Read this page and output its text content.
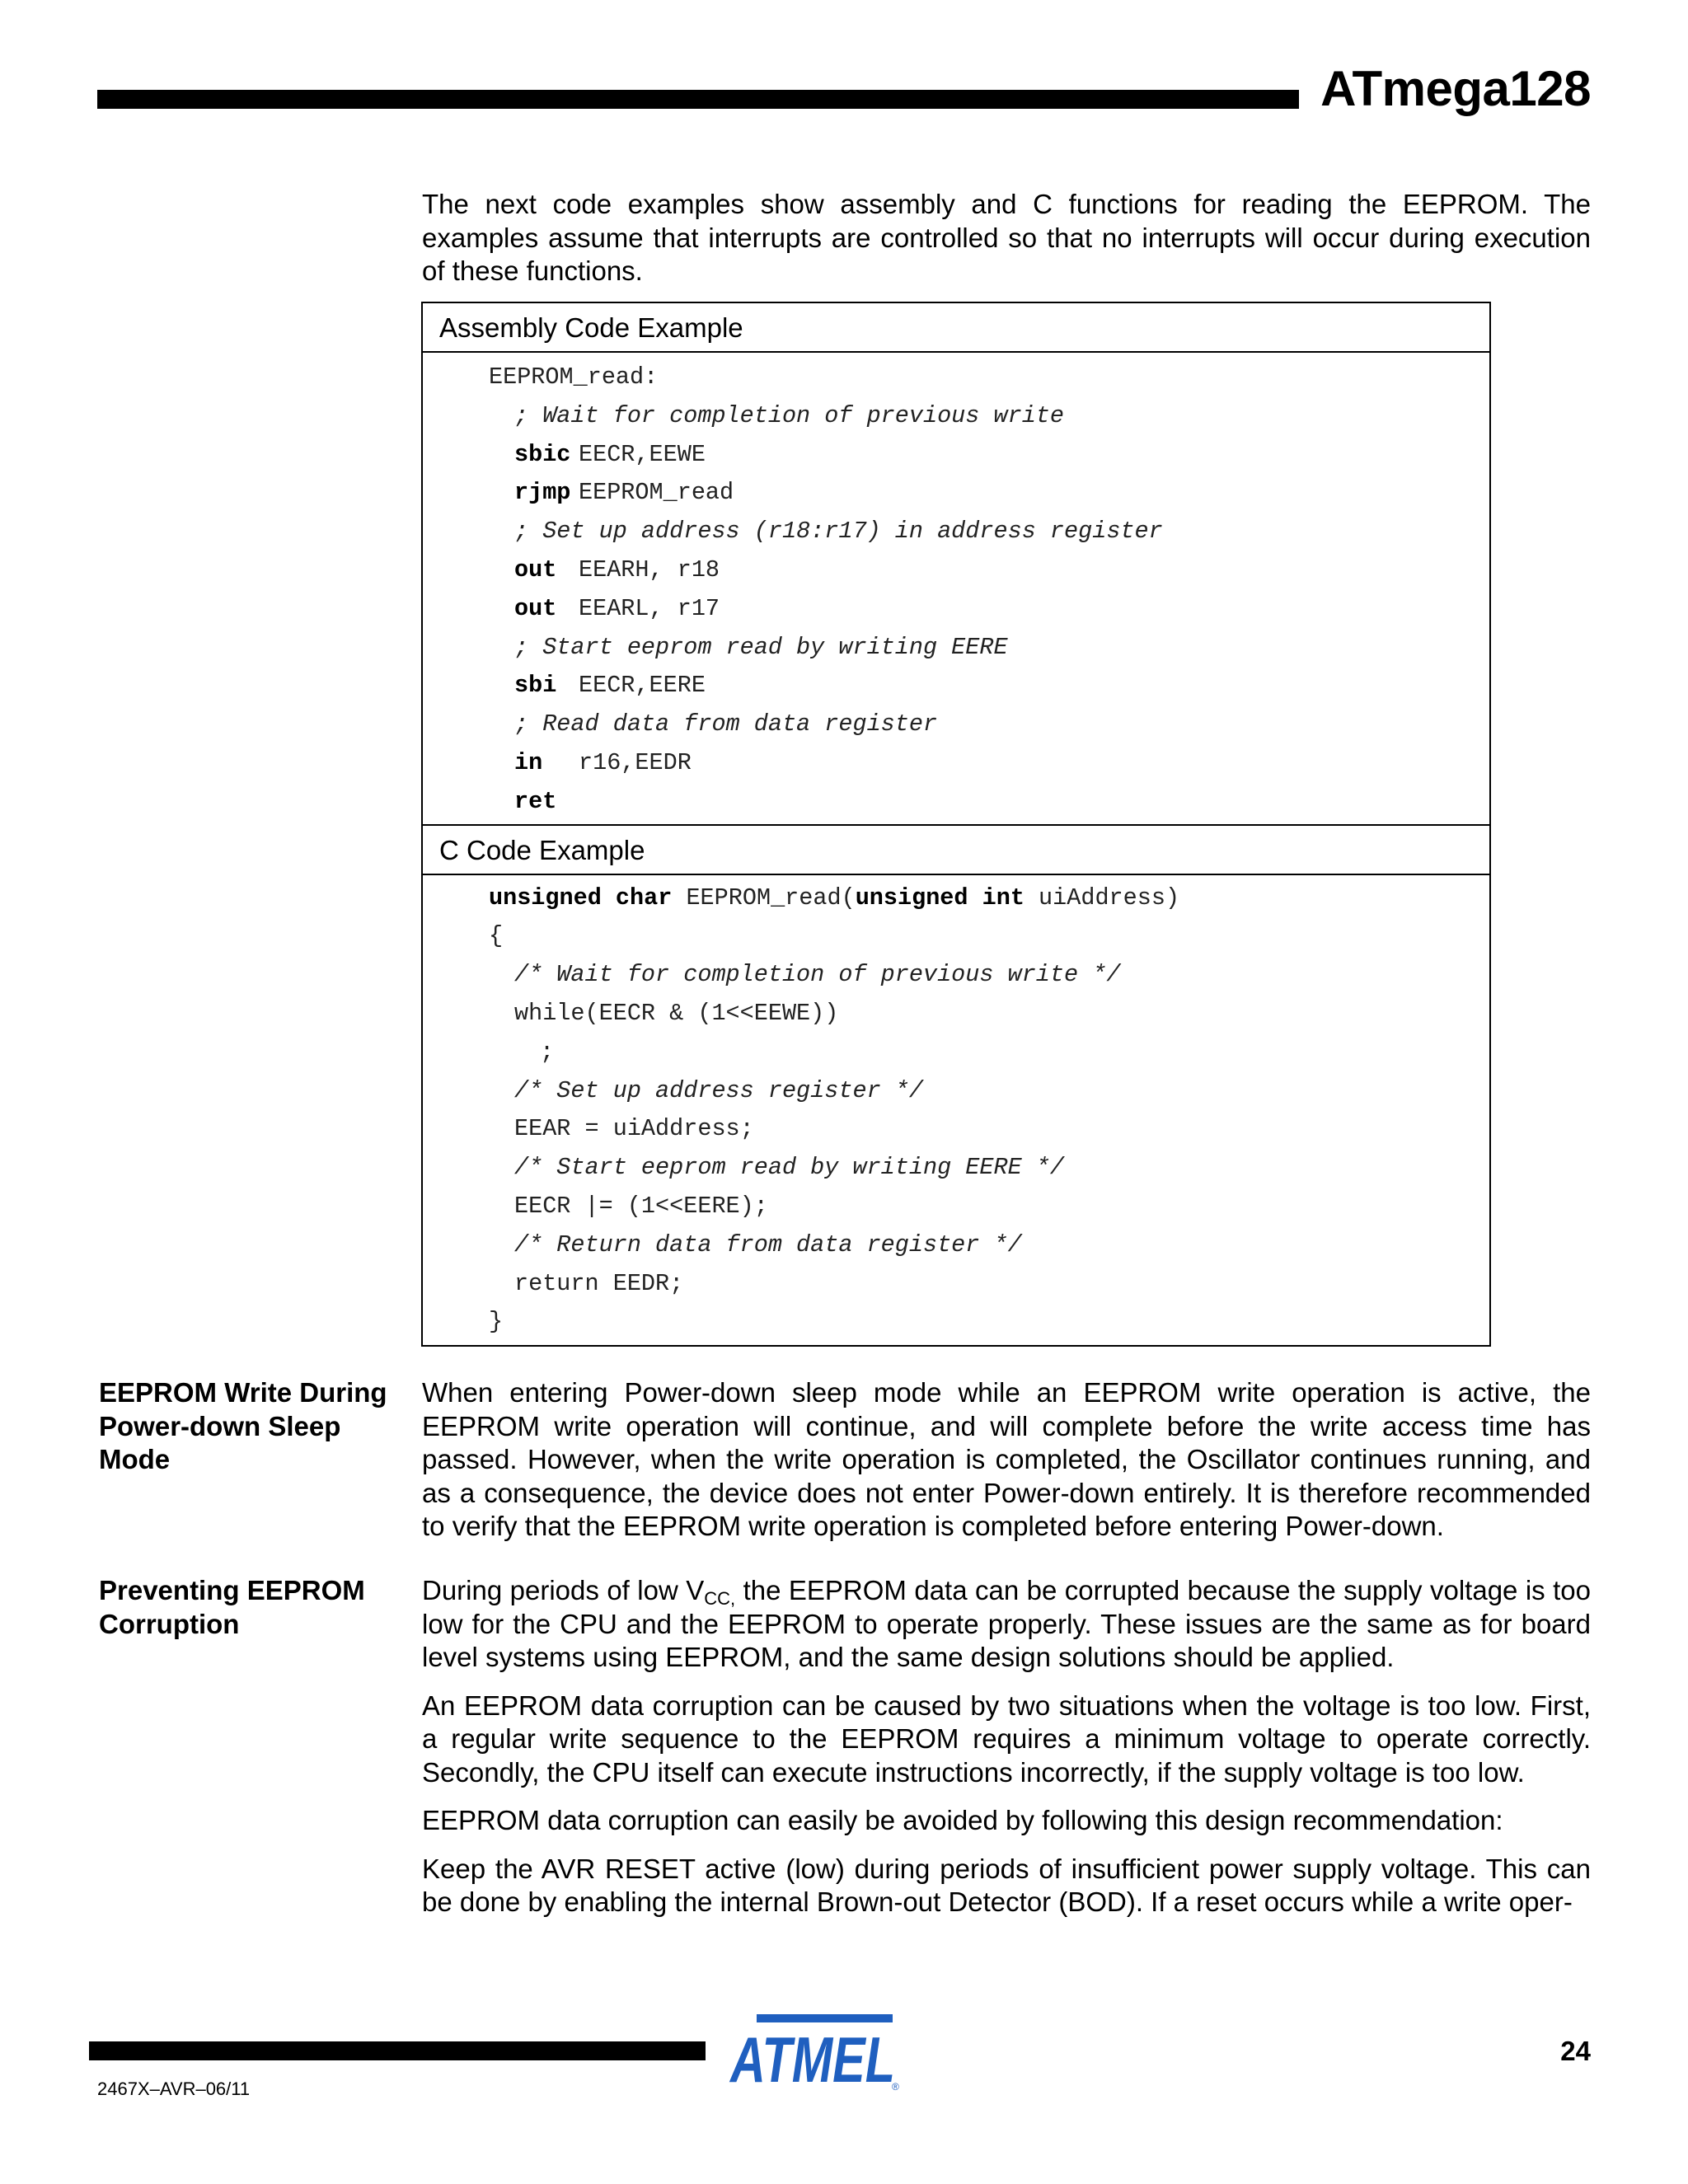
ATmega128

The next code examples show assembly and C functions for reading the EEPROM. The examples assume that interrupts are controlled so that no interrupts will occur during execution of these functions.

Assembly Code Example
EEPROM_read:
; Wait for completion of previous write
sbic EECR,EEWE
rjmp EEPROM_read
; Set up address (r18:r17) in address register
out EEARH, r18
out EEARL, r17
; Start eeprom read by writing EERE
sbi EECR,EERE
; Read data from data register
in r16,EEDR
ret
C Code Example
unsigned char EEPROM_read(unsigned int uiAddress)
{
/* Wait for completion of previous write */
while(EECR & (1<<EEWE))
;
/* Set up address register */
EEAR = uiAddress;
/* Start eeprom read by writing EERE */
EECR |= (1<<EERE);
/* Return data from data register */
return EEDR;
}
EEPROM Write During Power-down Sleep Mode

When entering Power-down sleep mode while an EEPROM write operation is active, the EEPROM write operation will continue, and will complete before the write access time has passed. However, when the write operation is completed, the Oscillator continues running, and as a consequence, the device does not enter Power-down entirely. It is therefore recommended to verify that the EEPROM write operation is completed before entering Power-down.

Preventing EEPROM Corruption

During periods of low $V_{CC,}$ the EEPROM data can be corrupted because the supply voltage is too low for the CPU and the EEPROM to operate properly. These issues are the same as for board level systems using EEPROM, and the same design solutions should be applied.

An EEPROM data corruption can be caused by two situations when the voltage is too low. First, a regular write sequence to the EEPROM requires a minimum voltage to operate correctly. Secondly, the CPU itself can execute instructions incorrectly, if the supply voltage is too low.

EEPROM data corruption can easily be avoided by following this design recommendation:

Keep the AVR RESET active (low) during periods of insufficient power supply voltage. This can be done by enabling the internal Brown-out Detector (BOD). If a reset occurs while a write oper-

ATMEL
®
2467X–AVR–06/11
24
